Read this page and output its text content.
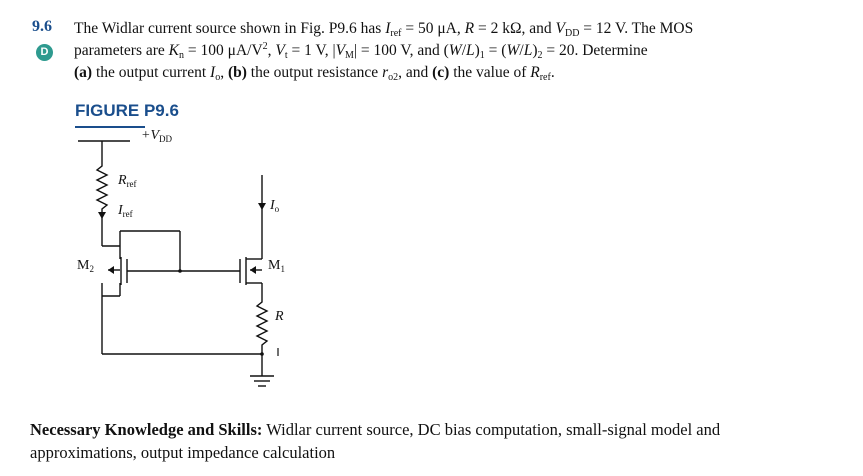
9.6
D
The Widlar current source shown in Fig. P9.6 has $I_{ref} = 50$ μA, R = 2 kΩ, and $V_{DD} = 12$ V. The MOS
parameters are $K_n = 100$ $\mu A/V^2$, $V_t = 1$ V, $|V_M| = 100$ V, and $(W/L)_1 = (W/L)_2 = 20$. Determine
(a) the output current $I_o$, (b) the output resistance $r_{o2}$, and (c) the value of $R_{ref}$.
FIGURE P9.6
$+V_{DD}$
$R_{ref}$
$I_{ref}$
$I_o$
$M_2$	$M_1$
R
Necessary Knowledge and Skills: Widlar current source, DC bias computation, small-signal model and approximations, output impedance calculation
